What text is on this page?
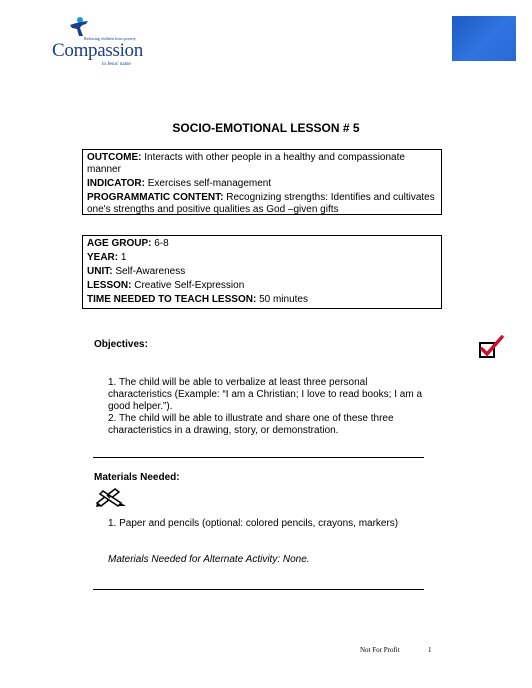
Releasing children from poverty
Compassion
in Jesus' name
SOCIO-EMOTIONAL LESSON # 5

OUTCOME: Interacts with other people in a healthy and compassionate manner

INDICATOR: Exercises self-management

PROGRAMMATIC CONTENT: Recognizing strengths: Identifies and cultivates one's strengths and positive qualities as God –given gifts

AGE GROUP: 6-8

YEAR: 1

UNIT: Self-Awareness

LESSON: Creative Self-Expression

TIME NEEDED TO TEACH LESSON: 50 minutes

Objectives:

1. The child will be able to verbalize at least three personal characteristics (Example: “I am a Christian; I love to read books; I am a good helper.”).

2. The child will be able to illustrate and share one of these three characteristics in a drawing, story, or demonstration.

Materials Needed:

1. Paper and pencils (optional: colored pencils, crayons, markers)

Materials Needed for Alternate Activity: None.
Not For Profit	1
